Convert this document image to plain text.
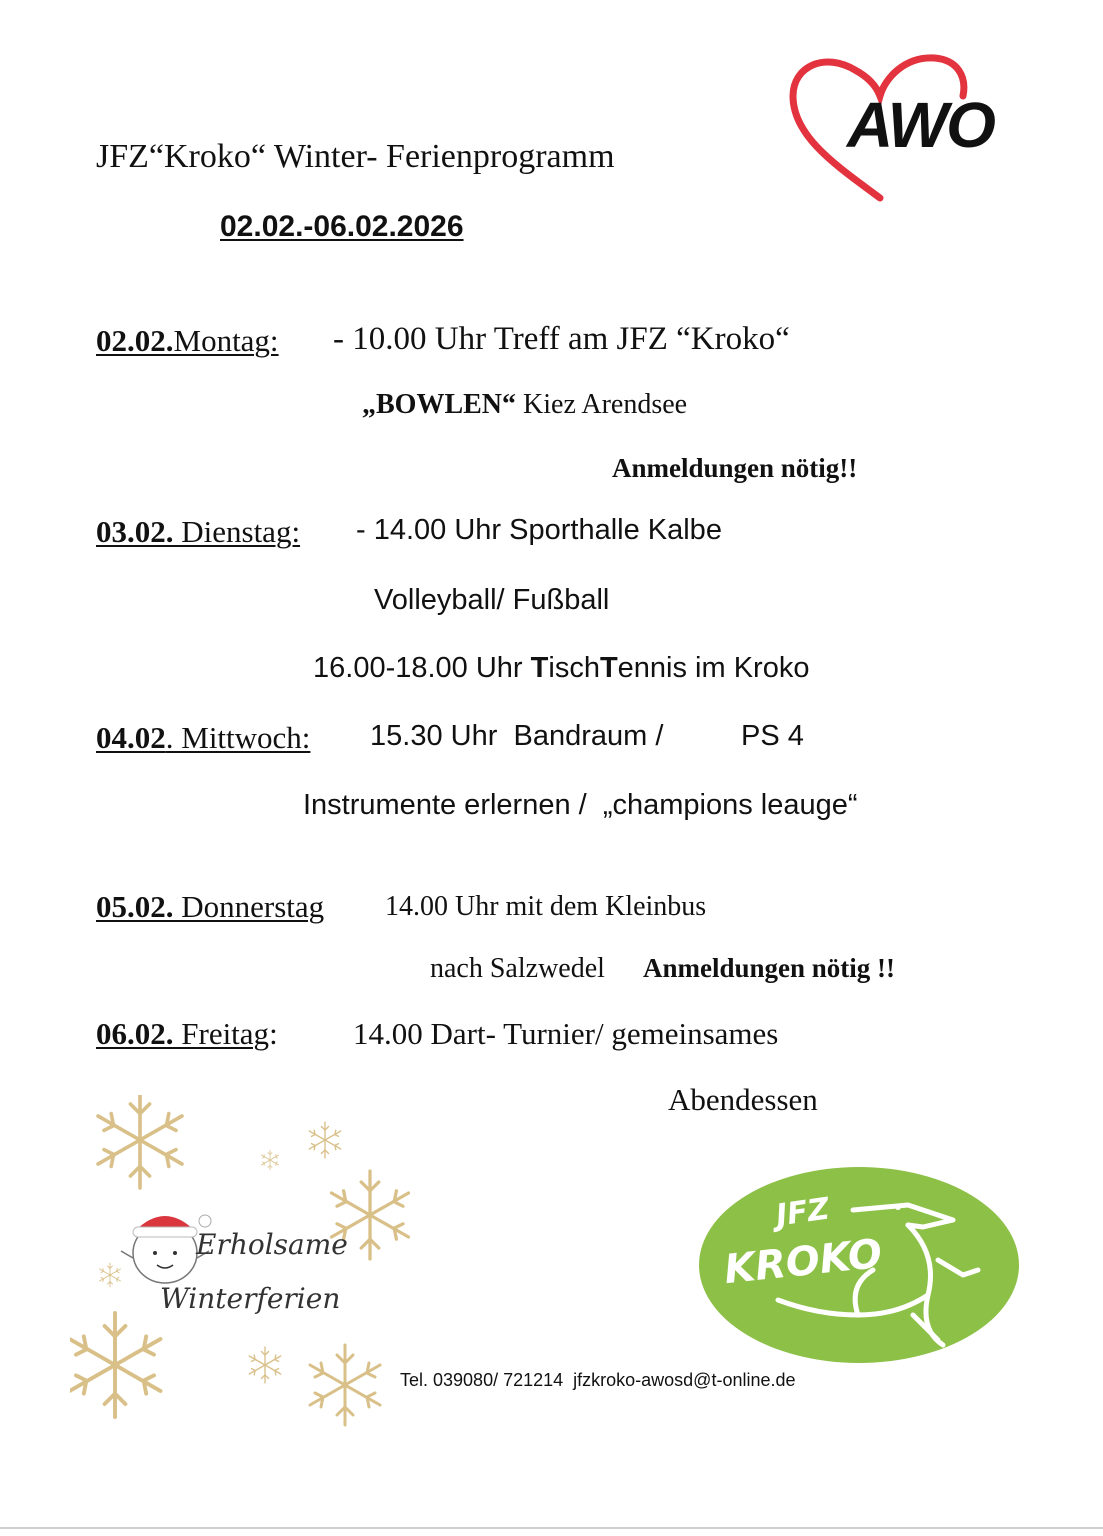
JFZ“Kroko“ Winter- Ferienprogramm
02.02.-06.02.2026
AWO
02.02.Montag: - 10.00 Uhr Treff am JFZ “Kroko“
„BOWLEN“ Kiez Arendsee
Anmeldungen nötig!!
03.02. Dienstag: - 14.00 Uhr Sporthalle Kalbe
Volleyball/ Fußball
16.00-18.00 Uhr TischTennis im Kroko
04.02. Mittwoch: 15.30 Uhr  Bandraum /	PS 4
Instrumente erlernen /  „champions leauge“
05.02. Donnerstag 14.00 Uhr mit dem Kleinbus
nach Salzwedel Anmeldungen nötig !!
06.02. Freitag: 14.00 Dart- Turnier/ gemeinsames
Abendessen
Erholsame
Winterferien
JFZ
KROKO
Tel. 039080/ 721214  jfzkroko-awosd@t-online.de
